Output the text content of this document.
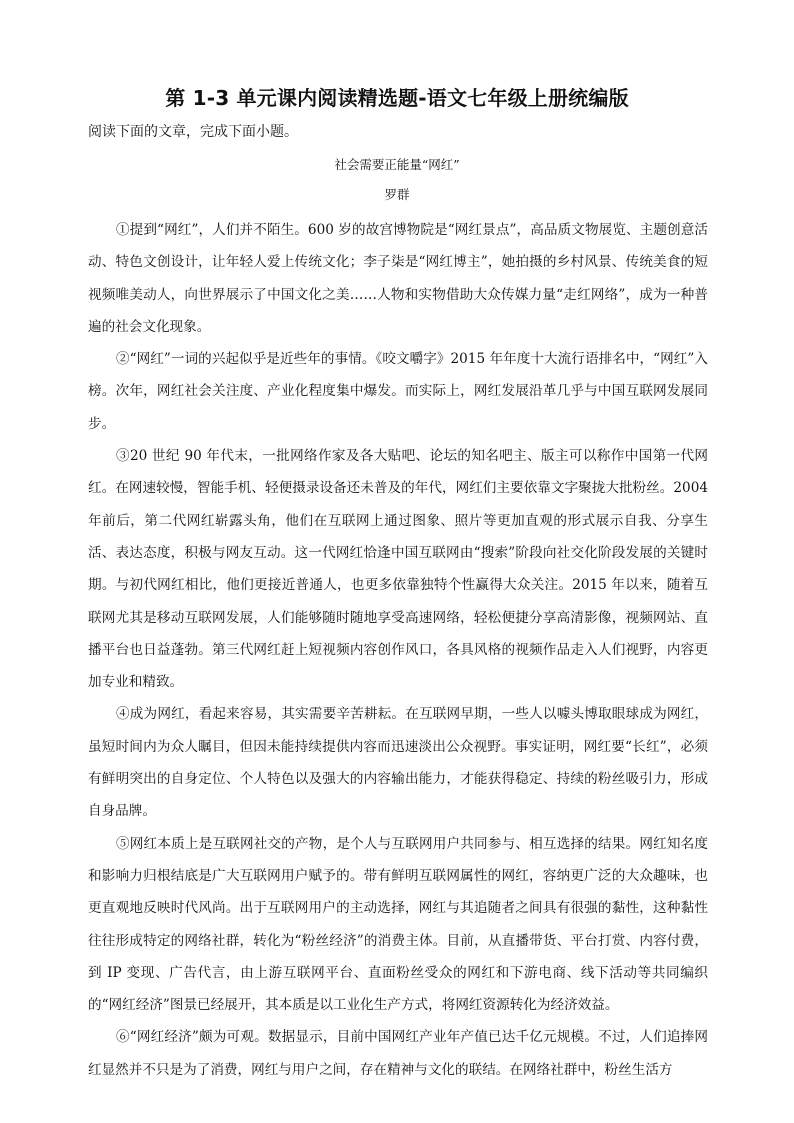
第 1-3 单元课内阅读精选题-语文七年级上册统编版
阅读下面的文章，完成下面小题。
社会需要正能量“网红”
罗群

①提到“网红”，人们并不陌生。600 岁的故宫博物院是“网红景点”，高品质文物展览、主题创意活动、特色文创设计，让年轻人爱上传统文化；李子柒是“网红博主”，她拍摄的乡村风景、传统美食的短视频唯美动人，向世界展示了中国文化之美……人物和实物借助大众传媒力量“走红网络”，成为一种普遍的社会文化现象。

②“网红”一词的兴起似乎是近些年的事情。《咬文嚼字》2015 年年度十大流行语排名中，“网红”入榜。次年，网红社会关注度、产业化程度集中爆发。而实际上，网红发展沿革几乎与中国互联网发展同步。

③20 世纪 90 年代末，一批网络作家及各大贴吧、论坛的知名吧主、版主可以称作中国第一代网红。在网速较慢，智能手机、轻便摄录设备还未普及的年代，网红们主要依靠文字聚拢大批粉丝。2004 年前后，第二代网红崭露头角，他们在互联网上通过图象、照片等更加直观的形式展示自我、分享生活、表达态度，积极与网友互动。这一代网红恰逢中国互联网由“搜索”阶段向社交化阶段发展的关键时期。与初代网红相比，他们更接近普通人，也更多依靠独特个性赢得大众关注。2015 年以来，随着互联网尤其是移动互联网发展，人们能够随时随地享受高速网络，轻松便捷分享高清影像，视频网站、直播平台也日益蓬勃。第三代网红赶上短视频内容创作风口，各具风格的视频作品走入人们视野，内容更加专业和精致。

④成为网红，看起来容易，其实需要辛苦耕耘。在互联网早期，一些人以噱头博取眼球成为网红，虽短时间内为众人瞩目，但因未能持续提供内容而迅速淡出公众视野。事实证明，网红要“长红”，必须有鲜明突出的自身定位、个人特色以及强大的内容输出能力，才能获得稳定、持续的粉丝吸引力，形成自身品牌。

⑤网红本质上是互联网社交的产物，是个人与互联网用户共同参与、相互选择的结果。网红知名度和影响力归根结底是广大互联网用户赋予的。带有鲜明互联网属性的网红，容纳更广泛的大众趣味，也更直观地反映时代风尚。出于互联网用户的主动选择，网红与其追随者之间具有很强的黏性，这种黏性往往形成特定的网络社群，转化为“粉丝经济”的消费主体。目前，从直播带货、平台打赏、内容付费，到 IP 变现、广告代言，由上游互联网平台、直面粉丝受众的网红和下游电商、线下活动等共同编织的“网红经济”图景已经展开，其本质是以工业化生产方式，将网红资源转化为经济效益。

⑥“网红经济”颇为可观。数据显示，目前中国网红产业年产值已达千亿元规模。不过，人们追捧网红显然并不只是为了消费，网红与用户之间，存在精神与文化的联结。在网络社群中，粉丝生活方
